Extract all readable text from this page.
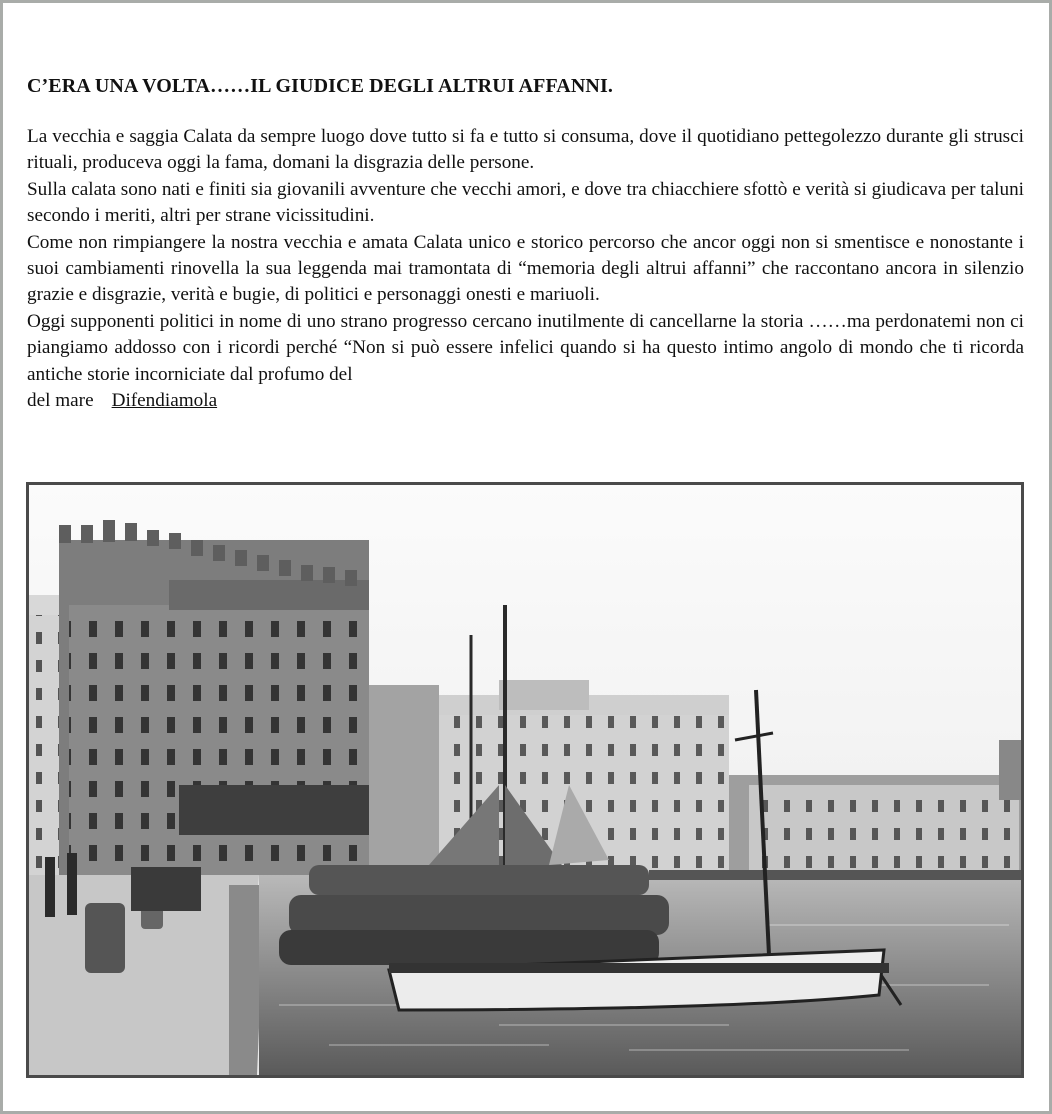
C’ERA UNA VOLTA……IL GIUDICE DEGLI ALTRUI AFFANNI.

La vecchia e saggia Calata da sempre luogo dove tutto si fa e tutto si consuma, dove il quotidiano pettegolezzo durante gli strusci rituali, produceva oggi la fama, domani la disgrazia delle persone.

Sulla calata sono nati e finiti sia giovanili avventure che vecchi amori, e dove tra chiacchiere sfottò e verità si giudicava per taluni secondo i meriti, altri per strane vicissitudini.

Come non rimpiangere la nostra vecchia e amata Calata unico e storico percorso che ancor oggi non si smentisce e nonostante i suoi cambiamenti rinovella la sua leggenda mai tramontata di “memoria degli altrui affanni” che raccontano ancora in silenzio grazie e disgrazie, verità e bugie, di politici e personaggi onesti e mariuoli.

Oggi supponenti politici in nome di uno strano progresso cercano inutilmente di cancellarne la storia ……ma perdonatemi non ci piangiamo addosso con i ricordi perché “Non si può essere infelici quando si ha questo intimo angolo di mondo che ti ricorda antiche storie incorniciate dal profumo del

del mare Difendiamola
